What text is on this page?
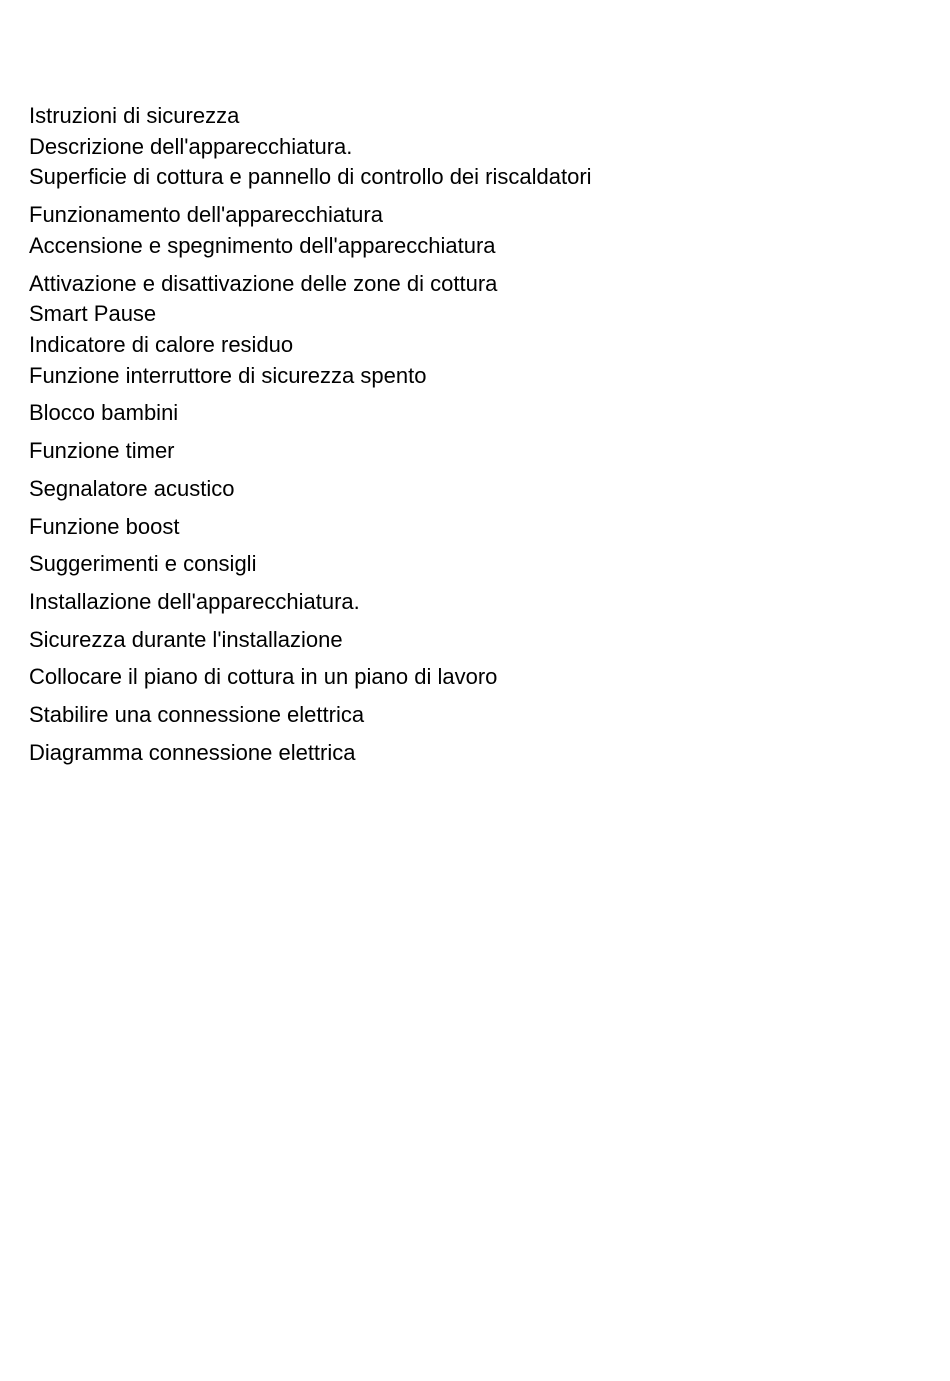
Istruzioni di sicurezza
Descrizione dell'apparecchiatura.
Superficie di cottura e pannello di controllo dei riscaldatori
Funzionamento dell'apparecchiatura
Accensione e spegnimento dell'apparecchiatura
Attivazione e disattivazione delle zone di cottura
Smart Pause
Indicatore di calore residuo
Funzione interruttore di sicurezza spento
Blocco bambini
Funzione timer
Segnalatore acustico
Funzione boost
Suggerimenti e consigli
Installazione dell'apparecchiatura.
Sicurezza durante l'installazione
Collocare il piano di cottura in un piano di lavoro
Stabilire una connessione elettrica
Diagramma connessione elettrica
